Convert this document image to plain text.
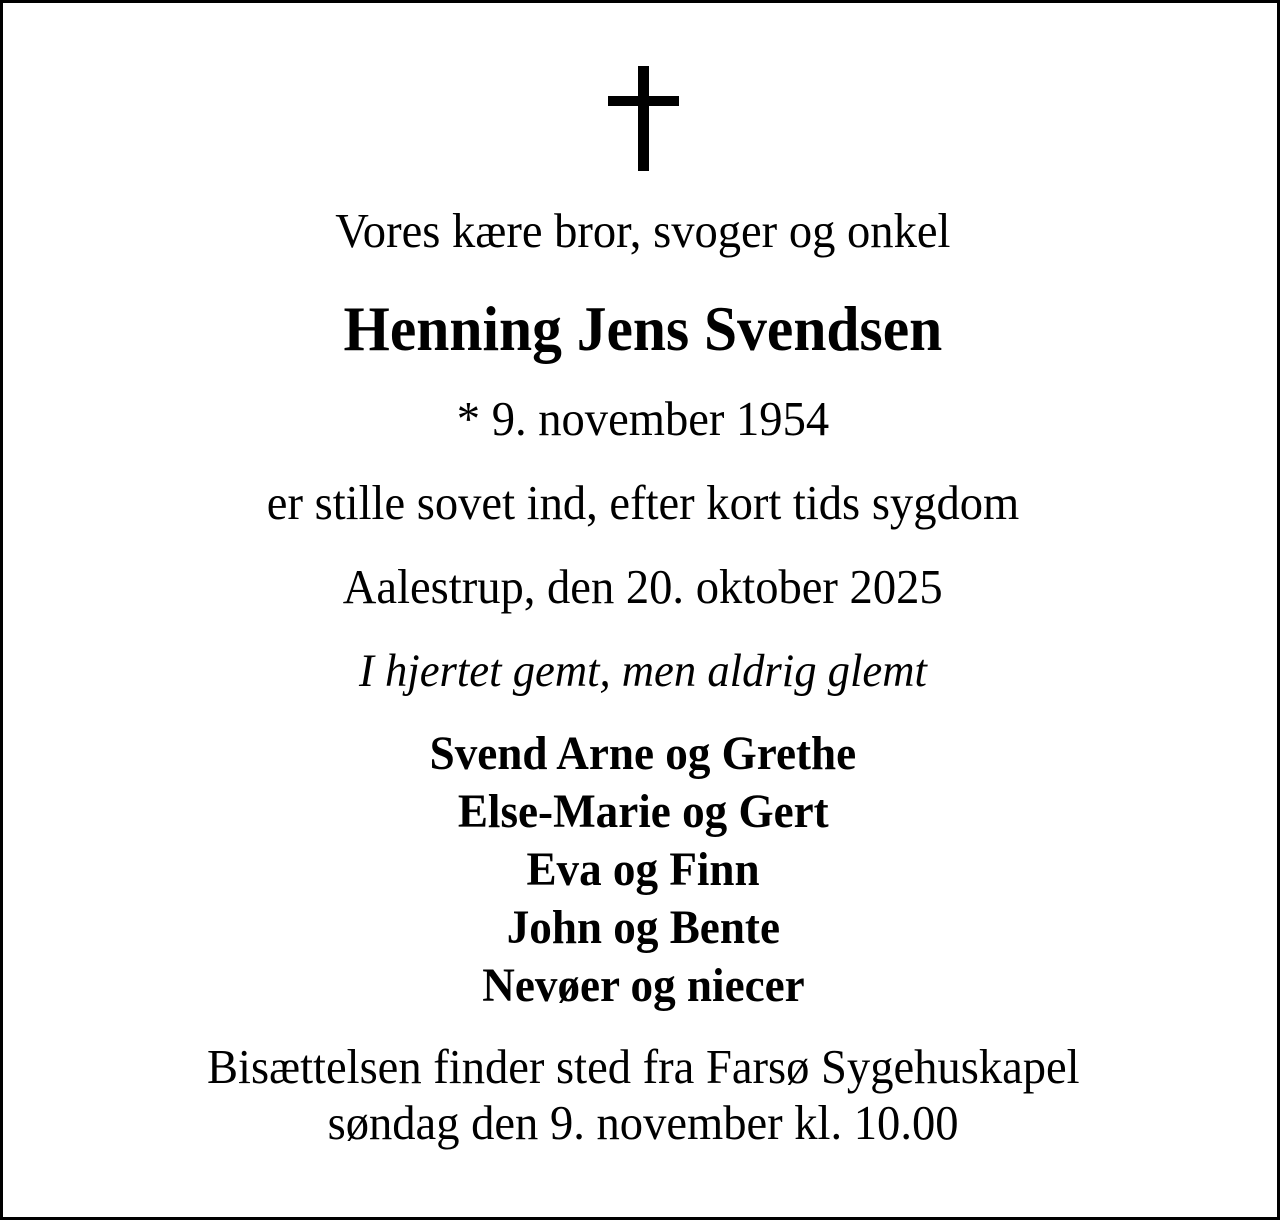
Vores kære bror, svoger og onkel
Henning Jens Svendsen
* 9. november 1954
er stille sovet ind, efter kort tids sygdom
Aalestrup, den 20. oktober 2025
I hjertet gemt, men aldrig glemt
Svend Arne og Grethe
Else-Marie og Gert
Eva og Finn
John og Bente
Nevøer og niecer
Bisættelsen finder sted fra Farsø Sygehuskapel
søndag den 9. november kl. 10.00
